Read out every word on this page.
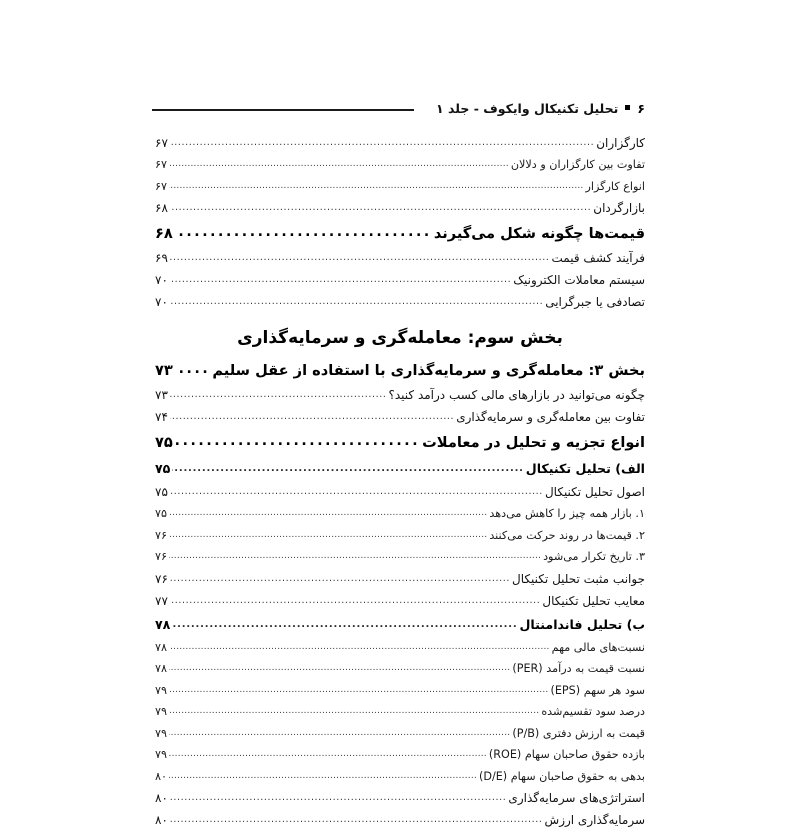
۶
تحلیل تکنیکال وایکوف - جلد ۱
کارگزاران
.....
۶۷
تفاوت بین کارگزاران و دلالان
.....
۶۷
انواع کارگزار
.....
۶۷
بازارگردان
.....
۶۸
قیمت‌ها چگونه شکل می‌گیرند
.....
۶۸
فرآیند کشف قیمت
.....
۶۹
سیستم معاملات الکترونیک
.....
۷۰
تصادفی یا جبرگرایی
.....
۷۰
بخش سوم: معامله‌گری و سرمایه‌گذاری
بخش ۳: معامله‌گری و سرمایه‌گذاری با استفاده از عقل سلیم
.....
۷۳
چگونه می‌توانید در بازارهای مالی کسب درآمد کنید؟
.....
۷۳
تفاوت بین معامله‌گری و سرمایه‌گذاری
.....
۷۴
انواع تجزیه و تحلیل در معاملات
.....
۷۵
الف) تحلیل تکنیکال
.....
۷۵
اصول تحلیل تکنیکال
.....
۷۵
۱. بازار همه چیز را کاهش می‌دهد
.....
۷۵
۲. قیمت‌ها در روند حرکت می‌کنند
.....
۷۶
۳. تاریخ تکرار می‌شود
.....
۷۶
جوانب مثبت تحلیل تکنیکال
.....
۷۶
معایب تحلیل تکنیکال
.....
۷۷
ب) تحلیل فاندامنتال
.....
۷۸
نسبت‌های مالی مهم
.....
۷۸
نسبت قیمت به درآمد (PER)
.....
۷۸
سود هر سهم (EPS)
.....
۷۹
درصد سود تقسیم‌شده
.....
۷۹
قیمت به ارزش دفتری (P/B)
.....
۷۹
بازده حقوق صاحبان سهام (ROE)
.....
۷۹
بدهی به حقوق صاحبان سهام (D/E)
.....
۸۰
استراتژی‌های سرمایه‌گذاری
.....
۸۰
سرمایه‌گذاری ارزش
.....
۸۰
